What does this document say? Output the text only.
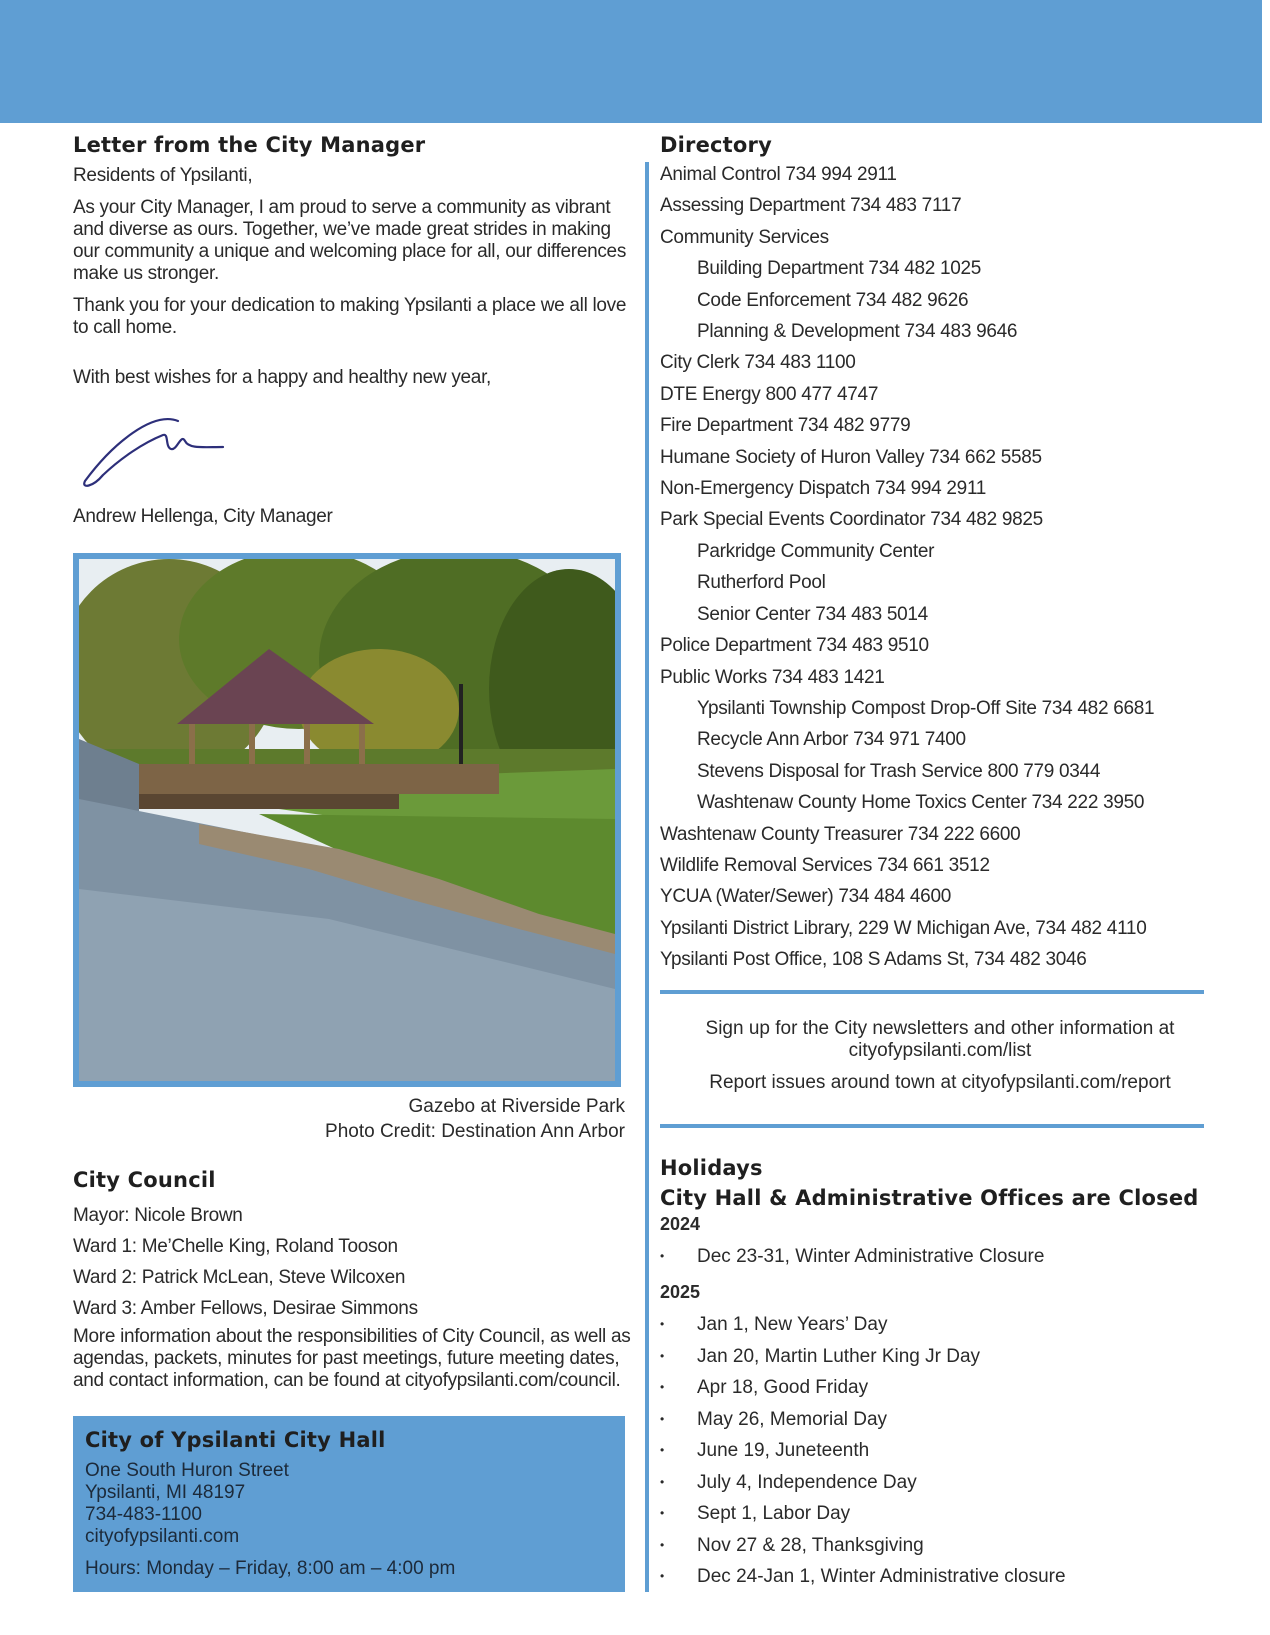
Letter from the City Manager
Residents of Ypsilanti,
As your City Manager, I am proud to serve a community as vibrant and diverse as ours. Together, we’ve made great strides in making our community a unique and welcoming place for all, our differences make us stronger.
Thank you for your dedication to making Ypsilanti a place we all love to call home.
With best wishes for a happy and healthy new year,
Andrew Hellenga, City Manager
Gazebo at Riverside Park
Photo Credit: Destination Ann Arbor
City Council
Mayor: Nicole Brown
Ward 1: Me’Chelle King, Roland Tooson
Ward 2: Patrick McLean, Steve Wilcoxen
Ward 3: Amber Fellows, Desirae Simmons
More information about the responsibilities of City Council, as well as agendas, packets, minutes for past meetings, future meeting dates, and contact information, can be found at cityofypsilanti.com/council.
City of Ypsilanti City Hall
One South Huron Street
Ypsilanti, MI 48197
734-483-1100
cityofypsilanti.com
Hours: Monday – Friday, 8:00 am – 4:00 pm
Directory
Animal Control 734 994 2911
Assessing Department 734 483 7117
Community Services
Building Department 734 482 1025
Code Enforcement 734 482 9626
Planning & Development 734 483 9646
City Clerk 734 483 1100
DTE Energy 800 477 4747
Fire Department 734 482 9779
Humane Society of Huron Valley 734 662 5585
Non-Emergency Dispatch 734 994 2911
Park Special Events Coordinator 734 482 9825
Parkridge Community Center
Rutherford Pool
Senior Center 734 483 5014
Police Department 734 483 9510
Public Works 734 483 1421
Ypsilanti Township Compost Drop-Off Site 734 482 6681
Recycle Ann Arbor 734 971 7400
Stevens Disposal for Trash Service 800 779 0344
Washtenaw County Home Toxics Center 734 222 3950
Washtenaw County Treasurer 734 222 6600
Wildlife Removal Services 734 661 3512
YCUA (Water/Sewer) 734 484 4600
Ypsilanti District Library, 229 W Michigan Ave, 734 482 4110
Ypsilanti Post Office, 108 S Adams St, 734 482 3046
Sign up for the City newsletters and other information at cityofypsilanti.com/list
Report issues around town at cityofypsilanti.com/report
Holidays
City Hall & Administrative Offices are Closed
2024
• Dec 23-31, Winter Administrative Closure
2025
• Jan 1, New Years’ Day
• Jan 20, Martin Luther King Jr Day
• Apr 18, Good Friday
• May 26, Memorial Day
• June 19, Juneteenth
• July 4, Independence Day
• Sept 1, Labor Day
• Nov 27 & 28, Thanksgiving
• Dec 24-Jan 1, Winter Administrative closure
